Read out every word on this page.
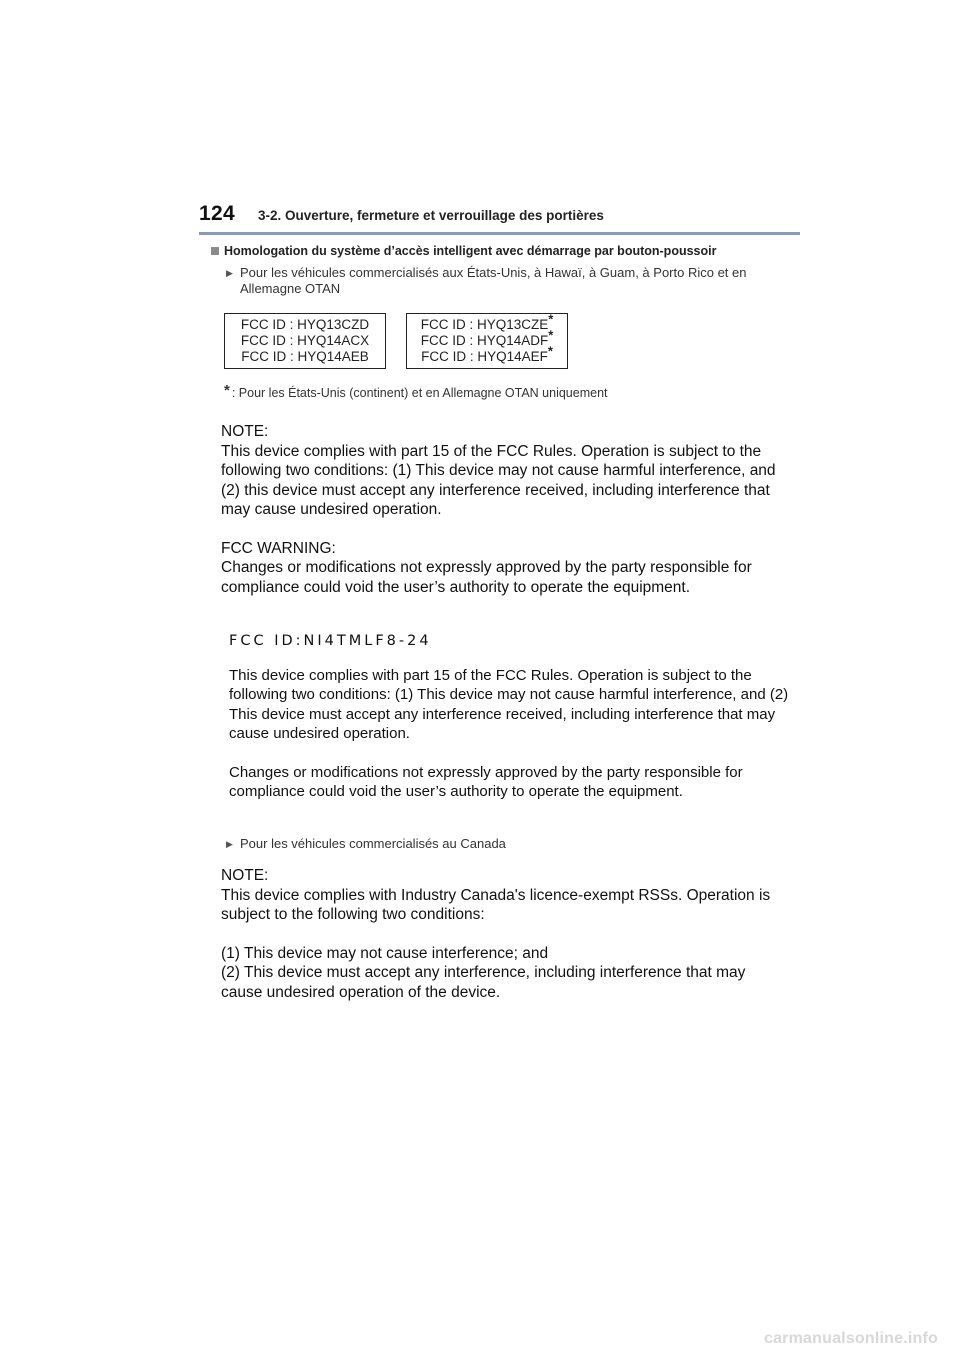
124 3-2. Ouverture, fermeture et verrouillage des portières
Homologation du système d’accès intelligent avec démarrage par bouton-poussoir
▶ Pour les véhicules commercialisés aux États-Unis, à Hawaï, à Guam, à Porto Rico et en Allemagne OTAN
FCC ID : HYQ13CZD
FCC ID : HYQ14ACX
FCC ID : HYQ14AEB
FCC ID : HYQ13CZE*
FCC ID : HYQ14ADF*
FCC ID : HYQ14AEF*
* : Pour les États-Unis (continent) et en Allemagne OTAN uniquement

NOTE:

This device complies with part 15 of the FCC Rules. Operation is subject to the following two conditions: (1) This device may not cause harmful interference, and (2) this device must accept any interference received, including interference that may cause undesired operation.

FCC WARNING:

Changes or modifications not expressly approved by the party responsible for compliance could void the user’s authority to operate the equipment.

FCC ID:NI4TMLF8-24

This device complies with part 15 of the FCC Rules. Operation is subject to the following two conditions: (1) This device may not cause harmful interference, and (2) This device must accept any interference received, including interference that may cause undesired operation.

Changes or modifications not expressly approved by the party responsible for compliance could void the user’s authority to operate the equipment.

▶ Pour les véhicules commercialisés au Canada

NOTE:

This device complies with Industry Canada's licence-exempt RSSs. Operation is subject to the following two conditions:

(1) This device may not cause interference; and

(2) This device must accept any interference, including interference that may cause undesired operation of the device.

carmanualsonline.info
